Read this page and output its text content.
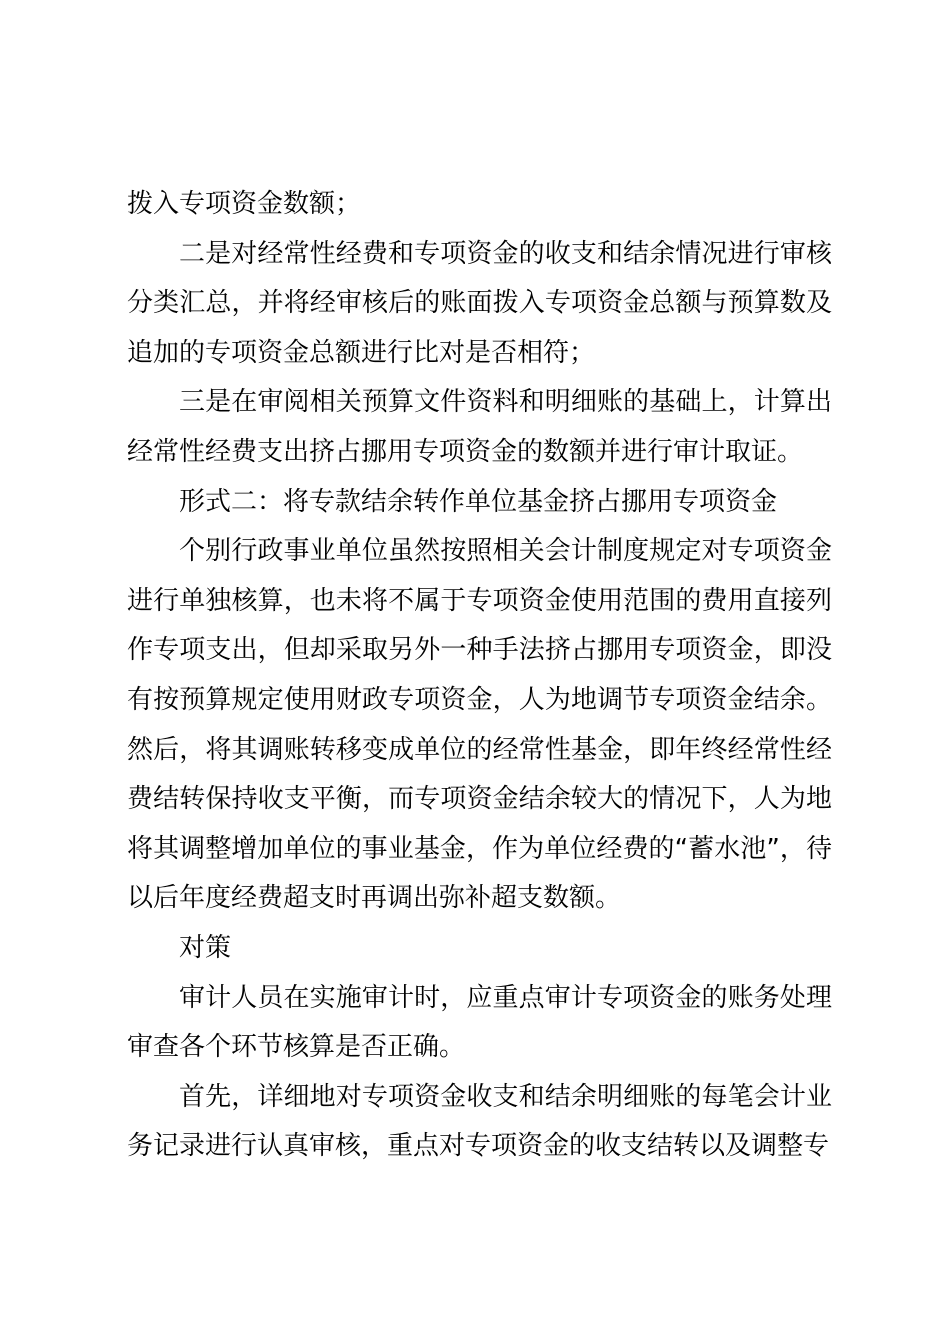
拨入专项资金数额；

二是对经常性经费和专项资金的收支和结余情况进行审核分类汇总，并将经审核后的账面拨入专项资金总额与预算数及追加的专项资金总额进行比对是否相符；

三是在审阅相关预算文件资料和明细账的基础上，计算出经常性经费支出挤占挪用专项资金的数额并进行审计取证。

形式二：将专款结余转作单位基金挤占挪用专项资金

个别行政事业单位虽然按照相关会计制度规定对专项资金进行单独核算，也未将不属于专项资金使用范围的费用直接列作专项支出，但却采取另外一种手法挤占挪用专项资金，即没有按预算规定使用财政专项资金，人为地调节专项资金结余。然后，将其调账转移变成单位的经常性基金，即年终经常性经费结转保持收支平衡，而专项资金结余较大的情况下，人为地将其调整增加单位的事业基金，作为单位经费的“蓄水池”，待以后年度经费超支时再调出弥补超支数额。

对策

审计人员在实施审计时，应重点审计专项资金的账务处理审查各个环节核算是否正确。

首先，详细地对专项资金收支和结余明细账的每笔会计业务记录进行认真审核，重点对专项资金的收支结转以及调整专
